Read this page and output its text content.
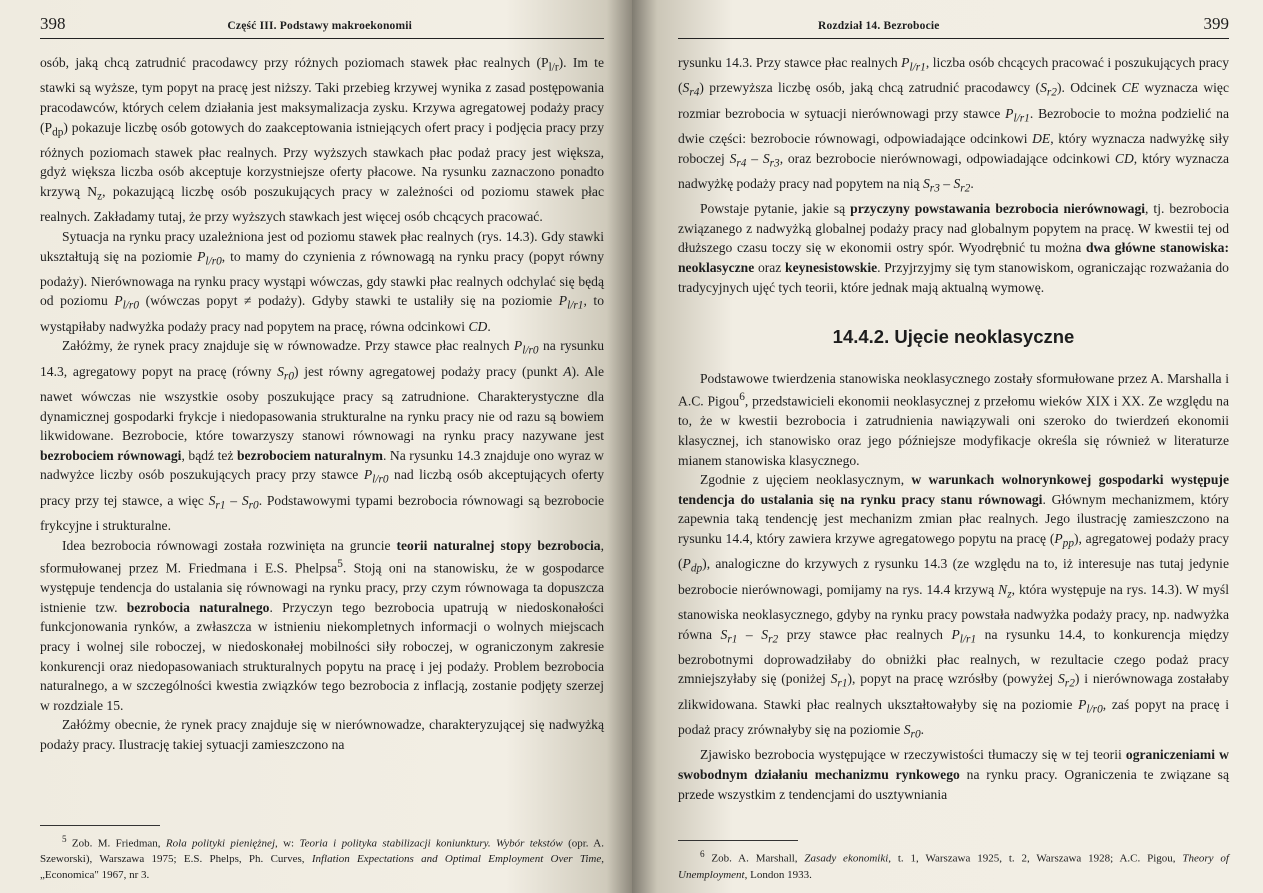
398	Część III. Podstawy makroekonomii

osób, jaką chcą zatrudnić pracodawcy przy różnych poziomach stawek płac realnych $(P_{l/r})$. Im te stawki są wyższe, tym popyt na pracę jest niższy. Taki przebieg krzywej wynika z zasad postępowania pracodawców, których celem działania jest maksymalizacja zysku. Krzywa agregatowej podaży pracy $(P_{dp})$ pokazuje liczbę osób gotowych do zaakceptowania istniejących ofert pracy i podjęcia pracy przy różnych poziomach stawek płac realnych. Przy wyższych stawkach płac podaż pracy jest większa, gdyż większa liczba osób akceptuje korzystniejsze oferty płacowe. Na rysunku zaznaczono ponadto krzywą $N_z$, pokazującą liczbę osób poszukujących pracy w zależności od poziomu stawek płac realnych. Zakładamy tutaj, że przy wyższych stawkach jest więcej osób chcących pracować.

Sytuacja na rynku pracy uzależniona jest od poziomu stawek płac realnych (rys. 14.3). Gdy stawki ukształtują się na poziomie $P_{l/r0}$, to mamy do czynienia z równowagą na rynku pracy (popyt równy podaży). Nierównowaga na rynku pracy wystąpi wówczas, gdy stawki płac realnych odchylać się będą od poziomu $P_{l/r0}$ (wówczas popyt ≠ podaży). Gdyby stawki te ustaliły się na poziomie $P_{l/r1}$, to wystąpiłaby nadwyżka podaży pracy nad popytem na pracę, równa odcinkowi CD.

Załóżmy, że rynek pracy znajduje się w równowadze. Przy stawce płac realnych $P_{l/r0}$ na rysunku 14.3, agregatowy popyt na pracę (równy $S_{r0}$) jest równy agregatowej podaży pracy (punkt A). Ale nawet wówczas nie wszystkie osoby poszukujące pracy są zatrudnione. Charakterystyczne dla dynamicznej gospodarki frykcje i niedopasowania strukturalne na rynku pracy nie od razu są bowiem likwidowane. Bezrobocie, które towarzyszy stanowi równowagi na rynku pracy nazywane jest bezrobociem równowagi, bądź też bezrobociem naturalnym. Na rysunku 14.3 znajduje ono wyraz w nadwyżce liczby osób poszukujących pracy przy stawce $P_{l/r0}$ nad liczbą osób akceptujących oferty pracy przy tej stawce, a więc $S_{r1} - S_{r0}$. Podstawowymi typami bezrobocia równowagi są bezrobocie frykcyjne i strukturalne.

Idea bezrobocia równowagi została rozwinięta na gruncie teorii naturalnej stopy bezrobocia, sformułowanej przez M. Friedmana i E.S. Phelpsa$^5$. Stoją oni na stanowisku, że w gospodarce występuje tendencja do ustalania się równowagi na rynku pracy, przy czym równowaga ta dopuszcza istnienie tzw. bezrobocia naturalnego. Przyczyn tego bezrobocia upatrują w niedoskonałości funkcjonowania rynków, a zwłaszcza w istnieniu niekompletnych informacji o wolnych miejscach pracy i wolnej sile roboczej, w niedoskonałej mobilności siły roboczej, w ograniczonym zakresie konkurencji oraz niedopasowaniach strukturalnych popytu na pracę i jej podaży. Problem bezrobocia naturalnego, a w szczególności kwestia związków tego bezrobocia z inflacją, zostanie podjęty szerzej w rozdziale 15.

Załóżmy obecnie, że rynek pracy znajduje się w nierównowadze, charakteryzującej się nadwyżką podaży pracy. Ilustrację takiej sytuacji zamieszczono na

$^5$ Zob. M. Friedman, Rola polityki pieniężnej, w: Teoria i polityka stabilizacji koniunktury. Wybór tekstów (opr. A. Szeworski), Warszawa 1975; E.S. Phelps, Ph. Curves, Inflation Expectations and Optimal Employment Over Time, „Economica" 1967, nr 3.

Rozdział 14. Bezrobocie	399

rysunku 14.3. Przy stawce płac realnych $P_{l/r1}$, liczba osób chcących pracować i poszukujących pracy $(S_{r4})$ przewyższa liczbę osób, jaką chcą zatrudnić pracodawcy $(S_{r2})$. Odcinek CE wyznacza więc rozmiar bezrobocia w sytuacji nierównowagi przy stawce $P_{l/r1}$. Bezrobocie to można podzielić na dwie części: bezrobocie równowagi, odpowiadające odcinkowi DE, który wyznacza nadwyżkę siły roboczej $S_{r4} - S_{r3}$, oraz bezrobocie nierównowagi, odpowiadające odcinkowi CD, który wyznacza nadwyżkę podaży pracy nad popytem na nią $S_{r3} - S_{r2}$.

Powstaje pytanie, jakie są przyczyny powstawania bezrobocia nierównowagi, tj. bezrobocia związanego z nadwyżką globalnej podaży pracy nad globalnym popytem na pracę. W kwestii tej od dłuższego czasu toczy się w ekonomii ostry spór. Wyodrębnić tu można dwa główne stanowiska: neoklasyczne oraz keynesistowskie. Przyjrzyjmy się tym stanowiskom, ograniczając rozważania do tradycyjnych ujęć tych teorii, które jednak mają aktualną wymowę.

14.4.2. Ujęcie neoklasyczne

Podstawowe twierdzenia stanowiska neoklasycznego zostały sformułowane przez A. Marshalla i A.C. Pigou$^6$, przedstawicieli ekonomii neoklasycznej z przełomu wieków XIX i XX. Ze względu na to, że w kwestii bezrobocia i zatrudnienia nawiązywali oni szeroko do twierdzeń ekonomii klasycznej, ich stanowisko oraz jego późniejsze modyfikacje określa się również w literaturze mianem stanowiska klasycznego.

Zgodnie z ujęciem neoklasycznym, w warunkach wolnorynkowej gospodarki występuje tendencja do ustalania się na rynku pracy stanu równowagi. Głównym mechanizmem, który zapewnia taką tendencję jest mechanizm zmian płac realnych. Jego ilustrację zamieszczono na rysunku 14.4, który zawiera krzywe agregatowego popytu na pracę $(P_{pp})$, agregatowej podaży pracy $(P_{dp})$, analogiczne do krzywych z rysunku 14.3 (ze względu na to, iż interesuje nas tutaj jedynie bezrobocie nierównowagi, pomijamy na rys. 14.4 krzywą $N_z$, która występuje na rys. 14.3). W myśl stanowiska neoklasycznego, gdyby na rynku pracy powstała nadwyżka podaży pracy, np. nadwyżka równa $S_{r1} - S_{r2}$ przy stawce płac realnych $P_{l/r1}$ na rysunku 14.4, to konkurencja między bezrobotnymi doprowadziłaby do obniżki płac realnych, w rezultacie czego podaż pracy zmniejszyłaby się (poniżej $S_{r1}$), popyt na pracę wzrósłby (powyżej $S_{r2}$) i nierównowaga zostałaby zlikwidowana. Stawki płac realnych ukształtowałyby się na poziomie $P_{l/r0}$, zaś popyt na pracę i podaż pracy zrównałyby się na poziomie $S_{r0}$.

Zjawisko bezrobocia występujące w rzeczywistości tłumaczy się w tej teorii ograniczeniami w swobodnym działaniu mechanizmu rynkowego na rynku pracy. Ograniczenia te związane są przede wszystkim z tendencjami do usztywniania

$^6$ Zob. A. Marshall, Zasady ekonomiki, t. 1, Warszawa 1925, t. 2, Warszawa 1928; A.C. Pigou, Theory of Unemployment, London 1933.
